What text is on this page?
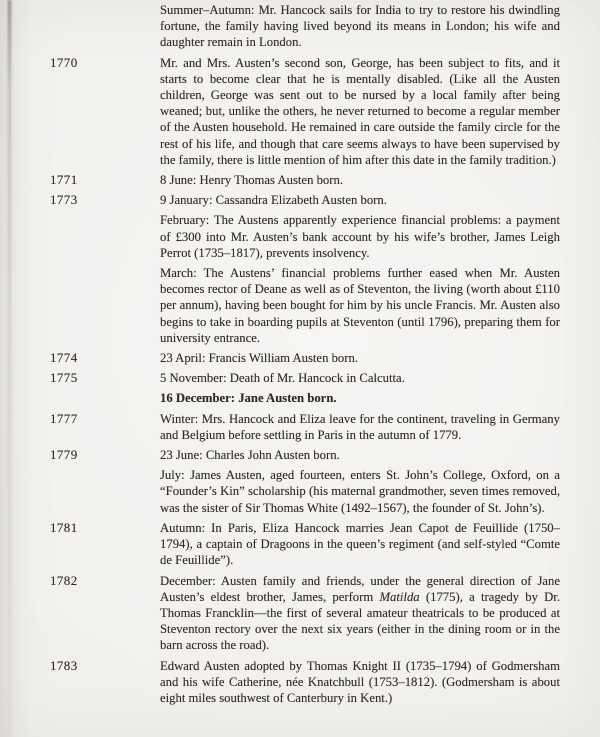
Summer–Autumn: Mr. Hancock sails for India to try to restore his dwindling fortune, the family having lived beyond its means in London; his wife and daughter remain in London.

1770	Mr. and Mrs. Austen’s second son, George, has been subject to fits, and it starts to become clear that he is mentally disabled. (Like all the Austen children, George was sent out to be nursed by a local family after being weaned; but, unlike the others, he never returned to become a regular member of the Austen household. He remained in care outside the family circle for the rest of his life, and though that care seems always to have been supervised by the family, there is little mention of him after this date in the family tradition.)

1771	8 June: Henry Thomas Austen born.

1773	9 January: Cassandra Elizabeth Austen born.

February: The Austens apparently experience financial problems: a payment of £300 into Mr. Austen’s bank account by his wife’s brother, James Leigh Perrot (1735–1817), prevents insolvency.

March: The Austens’ financial problems further eased when Mr. Austen becomes rector of Deane as well as of Steventon, the living (worth about £110 per annum), having been bought for him by his uncle Francis. Mr. Austen also begins to take in boarding pupils at Steventon (until 1796), preparing them for university entrance.

1774	23 April: Francis William Austen born.

1775	5 November: Death of Mr. Hancock in Calcutta.

16 December: Jane Austen born.

1777	Winter: Mrs. Hancock and Eliza leave for the continent, traveling in Germany and Belgium before settling in Paris in the autumn of 1779.

1779	23 June: Charles John Austen born.

July: James Austen, aged fourteen, enters St. John’s College, Oxford, on a “Founder’s Kin” scholarship (his maternal grandmother, seven times removed, was the sister of Sir Thomas White (1492–1567), the founder of St. John’s).

1781	Autumn: In Paris, Eliza Hancock marries Jean Capot de Feuillide (1750–1794), a captain of Dragoons in the queen’s regiment (and self-styled “Comte de Feuillide”).

1782	December: Austen family and friends, under the general direction of Jane Austen’s eldest brother, James, perform Matilda (1775), a tragedy by Dr. Thomas Francklin—the first of several amateur theatricals to be produced at Steventon rectory over the next six years (either in the dining room or in the barn across the road).

1783	Edward Austen adopted by Thomas Knight II (1735–1794) of Godmersham and his wife Catherine, née Knatchbull (1753–1812). (Godmersham is about eight miles southwest of Canterbury in Kent.)
